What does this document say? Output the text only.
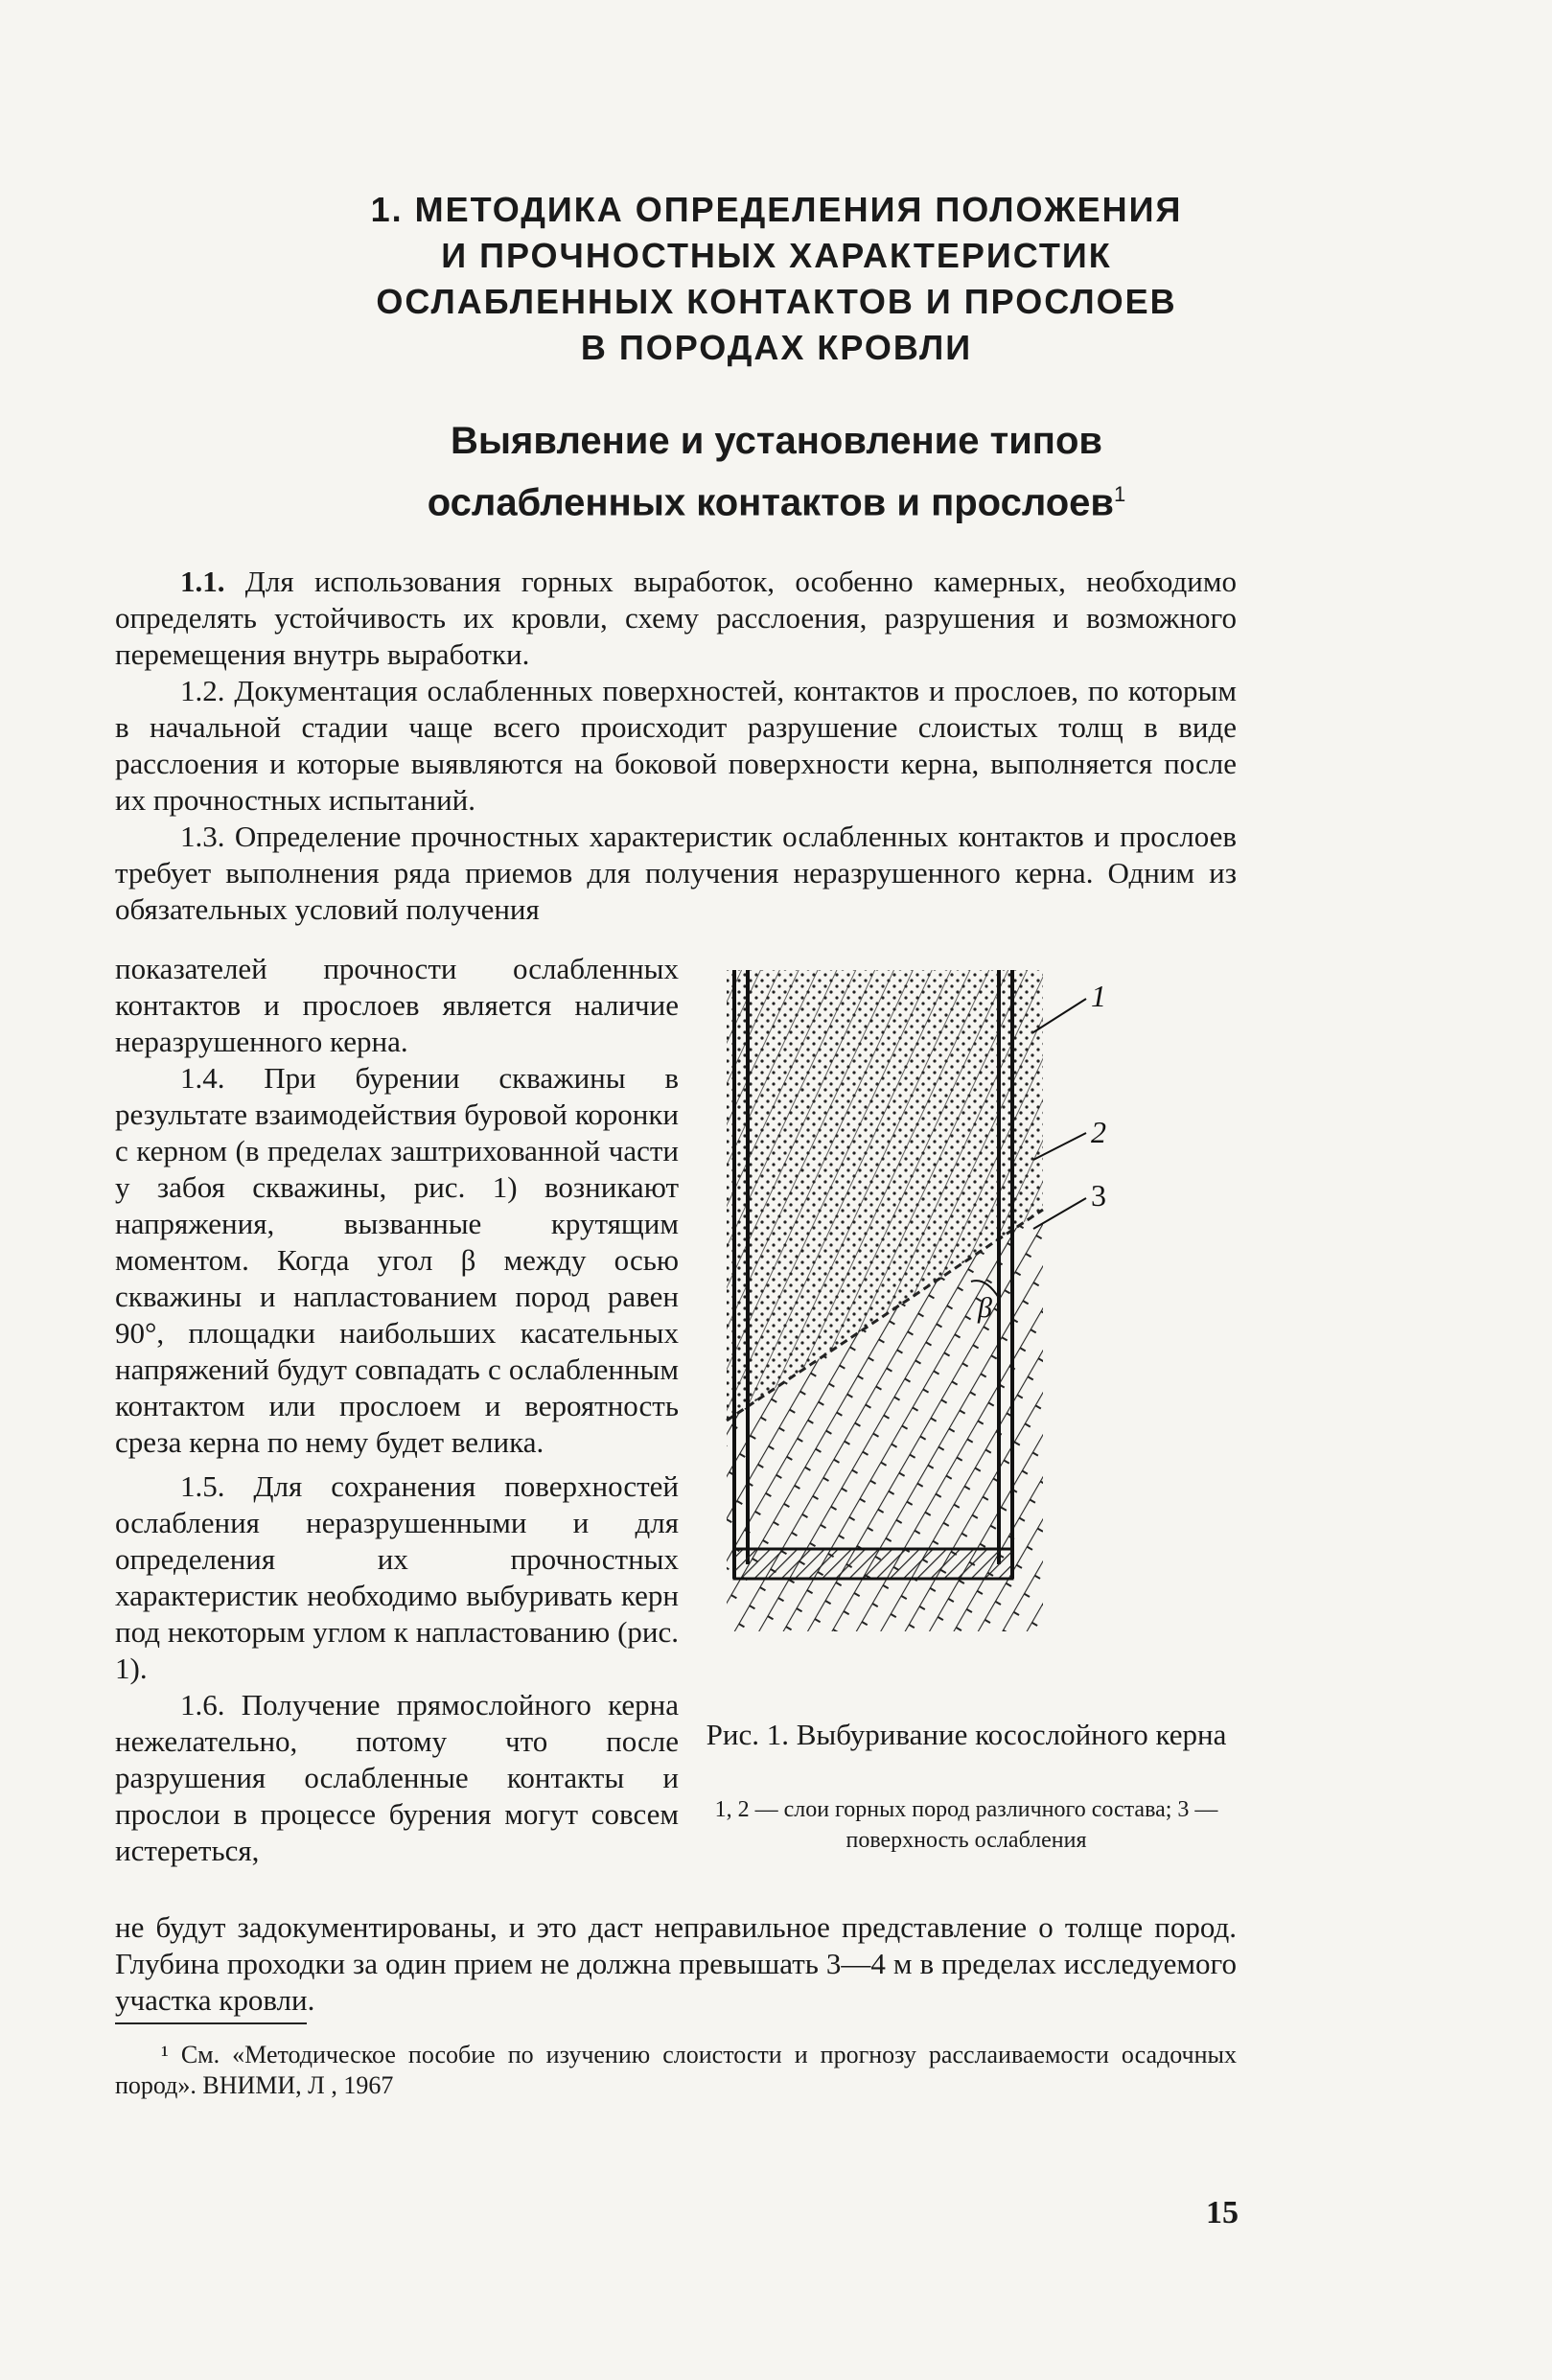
1. МЕТОДИКА ОПРЕДЕЛЕНИЯ ПОЛОЖЕНИЯ
И ПРОЧНОСТНЫХ ХАРАКТЕРИСТИК
ОСЛАБЛЕННЫХ КОНТАКТОВ И ПРОСЛОЕВ
В ПОРОДАХ КРОВЛИ
Выявление и установление типов
ослабленных контактов и прослоев$^1$

1.1. Для использования горных выработок, особенно камерных, необходимо определять устойчивость их кровли, схему расслоения, разрушения и возможного перемещения внутрь выработки.

1.2. Документация ослабленных поверхностей, контактов и прослоев, по которым в начальной стадии чаще всего происходит разрушение слоистых толщ в виде расслоения и которые выявляются на боковой поверхности керна, выполняется после их прочностных испытаний.

1.3. Определение прочностных характеристик ослабленных контактов и прослоев требует выполнения ряда приемов для получения неразрушенного керна. Одним из обязательных условий получения

показателей прочности ослабленных контактов и прослоев является наличие неразрушенного керна.

1.4. При бурении скважины в результате взаимодействия буровой коронки с керном (в пределах заштрихованной части у забоя скважины, рис. 1) возникают напряжения, вызванные крутящим моментом. Когда угол β между осью скважины и напластованием пород равен 90°, площадки наибольших касательных напряжений будут совпадать с ослабленным контактом или прослоем и вероятность среза керна по нему будет велика.

1.5. Для сохранения поверхностей ослабления неразрушенными и для определения их прочностных характеристик необходимо выбуривать керн под некоторым углом к напластованию (рис. 1).

1.6. Получение прямослойного керна нежелательно, потому что после разрушения ослабленные контакты и прослои в процессе бурения могут совсем истереться,

не будут задокументированы, и это даст неправильное представление о толще пород. Глубина проходки за один прием не должна превышать 3—4 м в пределах исследуемого участка кровли.

β
1
2
3
Рис. 1. Выбуривание косослойного керна
1, 2 — слои горных пород различного состава; 3 — поверхность ослабления
¹ См. «Методическое пособие по изучению слоистости и прогнозу расслаиваемости осадочных пород». ВНИМИ, Л , 1967
15
